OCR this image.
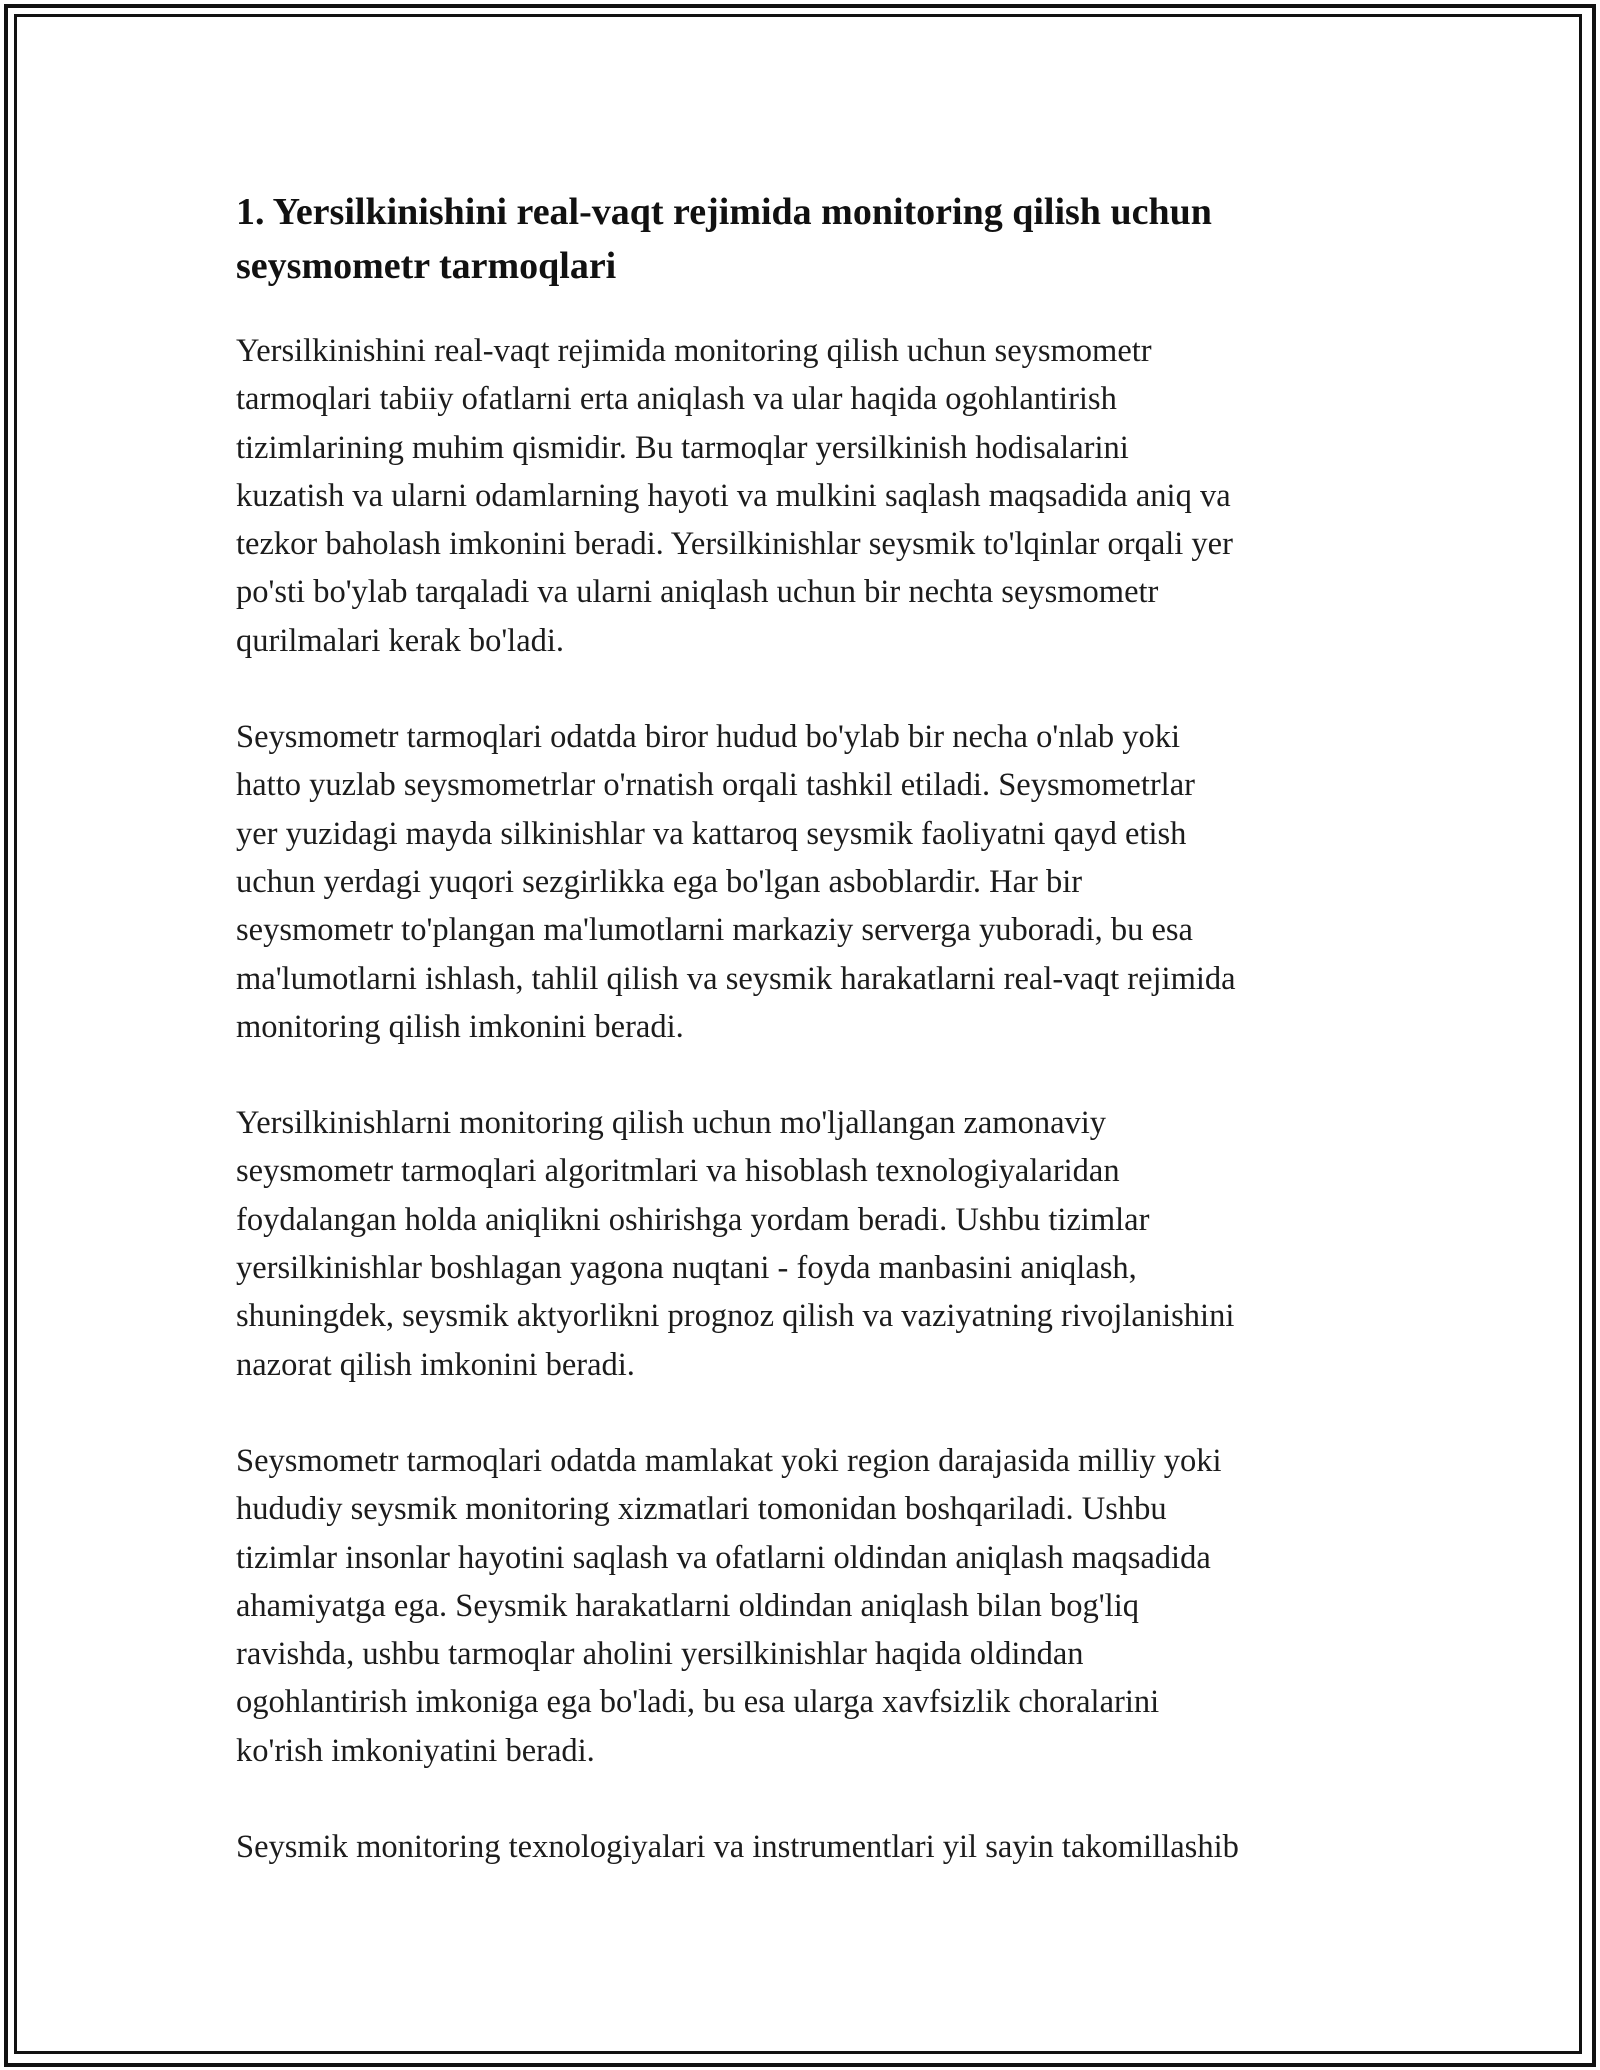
1. Yersilkinishini real-vaqt rejimida monitoring qilish uchun
seysmometr tarmoqlari

Yersilkinishini real-vaqt rejimida monitoring qilish uchun seysmometr
tarmoqlari tabiiy ofatlarni erta aniqlash va ular haqida ogohlantirish
tizimlarining muhim qismidir. Bu tarmoqlar yersilkinish hodisalarini
kuzatish va ularni odamlarning hayoti va mulkini saqlash maqsadida aniq va
tezkor baholash imkonini beradi. Yersilkinishlar seysmik to'lqinlar orqali yer
po'sti bo'ylab tarqaladi va ularni aniqlash uchun bir nechta seysmometr
qurilmalari kerak bo'ladi.

Seysmometr tarmoqlari odatda biror hudud bo'ylab bir necha o'nlab yoki
hatto yuzlab seysmometrlar o'rnatish orqali tashkil etiladi. Seysmometrlar
yer yuzidagi mayda silkinishlar va kattaroq seysmik faoliyatni qayd etish
uchun yerdagi yuqori sezgirlikka ega bo'lgan asboblardir. Har bir
seysmometr to'plangan ma'lumotlarni markaziy serverga yuboradi, bu esa
ma'lumotlarni ishlash, tahlil qilish va seysmik harakatlarni real-vaqt rejimida
monitoring qilish imkonini beradi.

Yersilkinishlarni monitoring qilish uchun mo'ljallangan zamonaviy
seysmometr tarmoqlari algoritmlari va hisoblash texnologiyalaridan
foydalangan holda aniqlikni oshirishga yordam beradi. Ushbu tizimlar
yersilkinishlar boshlagan yagona nuqtani - foyda manbasini aniqlash,
shuningdek, seysmik aktyorlikni prognoz qilish va vaziyatning rivojlanishini
nazorat qilish imkonini beradi.

Seysmometr tarmoqlari odatda mamlakat yoki region darajasida milliy yoki
hududiy seysmik monitoring xizmatlari tomonidan boshqariladi. Ushbu
tizimlar insonlar hayotini saqlash va ofatlarni oldindan aniqlash maqsadida
ahamiyatga ega. Seysmik harakatlarni oldindan aniqlash bilan bog'liq
ravishda, ushbu tarmoqlar aholini yersilkinishlar haqida oldindan
ogohlantirish imkoniga ega bo'ladi, bu esa ularga xavfsizlik choralarini
ko'rish imkoniyatini beradi.

Seysmik monitoring texnologiyalari va instrumentlari yil sayin takomillashib
